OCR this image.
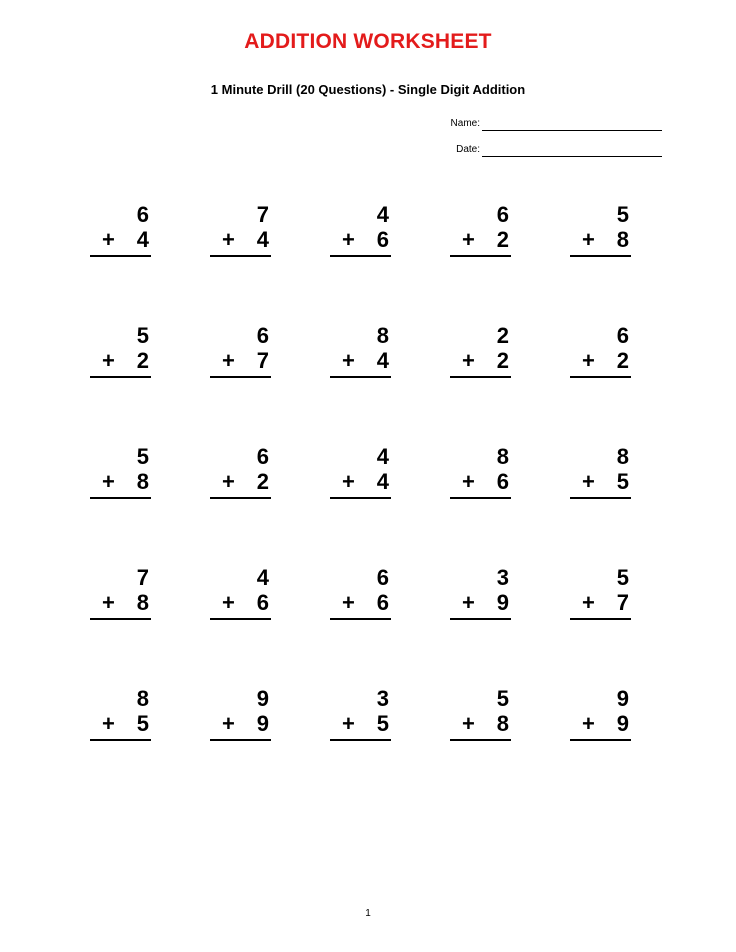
ADDITION WORKSHEET
1 Minute Drill (20 Questions) - Single Digit Addition
Name:
Date:
6
+ 4
7
+ 4
4
+ 6
6
+ 2
5
+ 8
5
+ 2
6
+ 7
8
+ 4
2
+ 2
6
+ 2
5
+ 8
6
+ 2
4
+ 4
8
+ 6
8
+ 5
7
+ 8
4
+ 6
6
+ 6
3
+ 9
5
+ 7
8
+ 5
9
+ 9
3
+ 5
5
+ 8
9
+ 9
1
